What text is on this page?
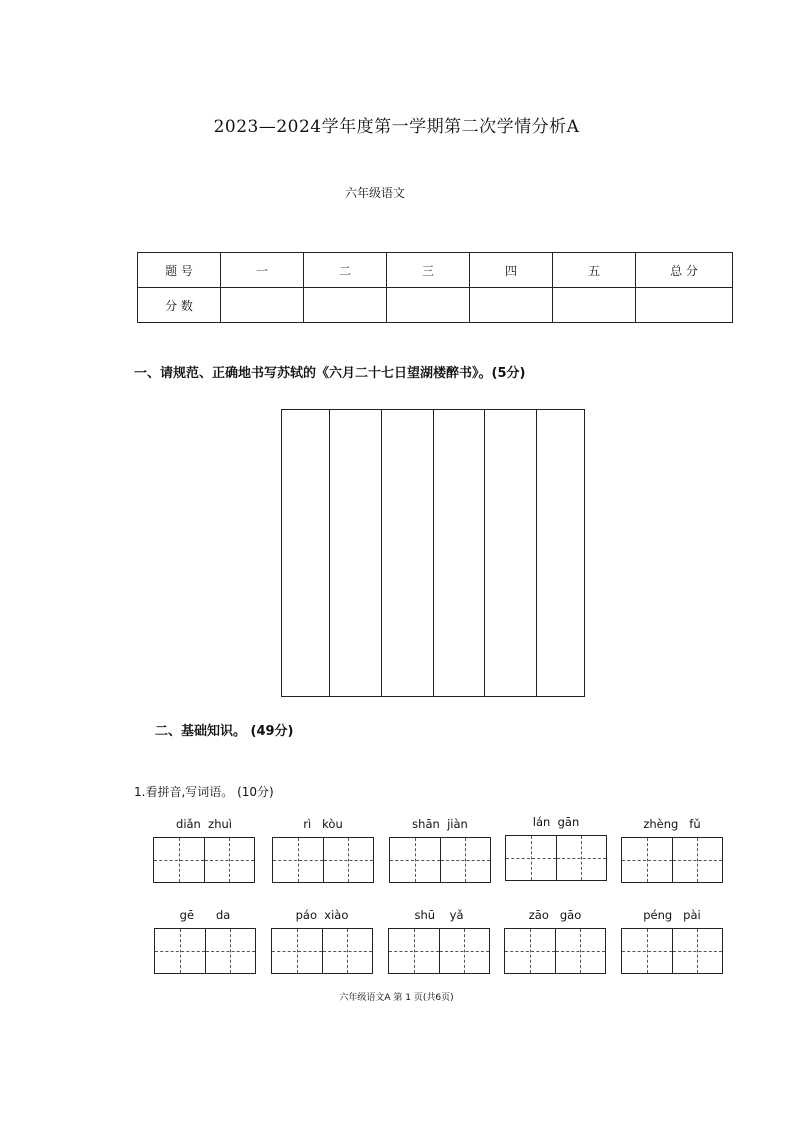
2023—2024学年度第一学期第二次学情分析A
六年级语文
题 号	一	二	三	四	五	总 分
分 数						
一、请规范、正确地书写苏轼的《六月二十七日望湖楼醉书》。(5分)
二、基础知识。 (49分)
1.看拼音,写词语。 (10分)
diǎn  zhuì	rì   kòu	shān  jiàn	lán  gān	zhèng   fǔ
gē      da	páo  xiào	shū    yǎ	zāo   gāo	péng   pài
六年级语文A 第 1 页(共6页)
